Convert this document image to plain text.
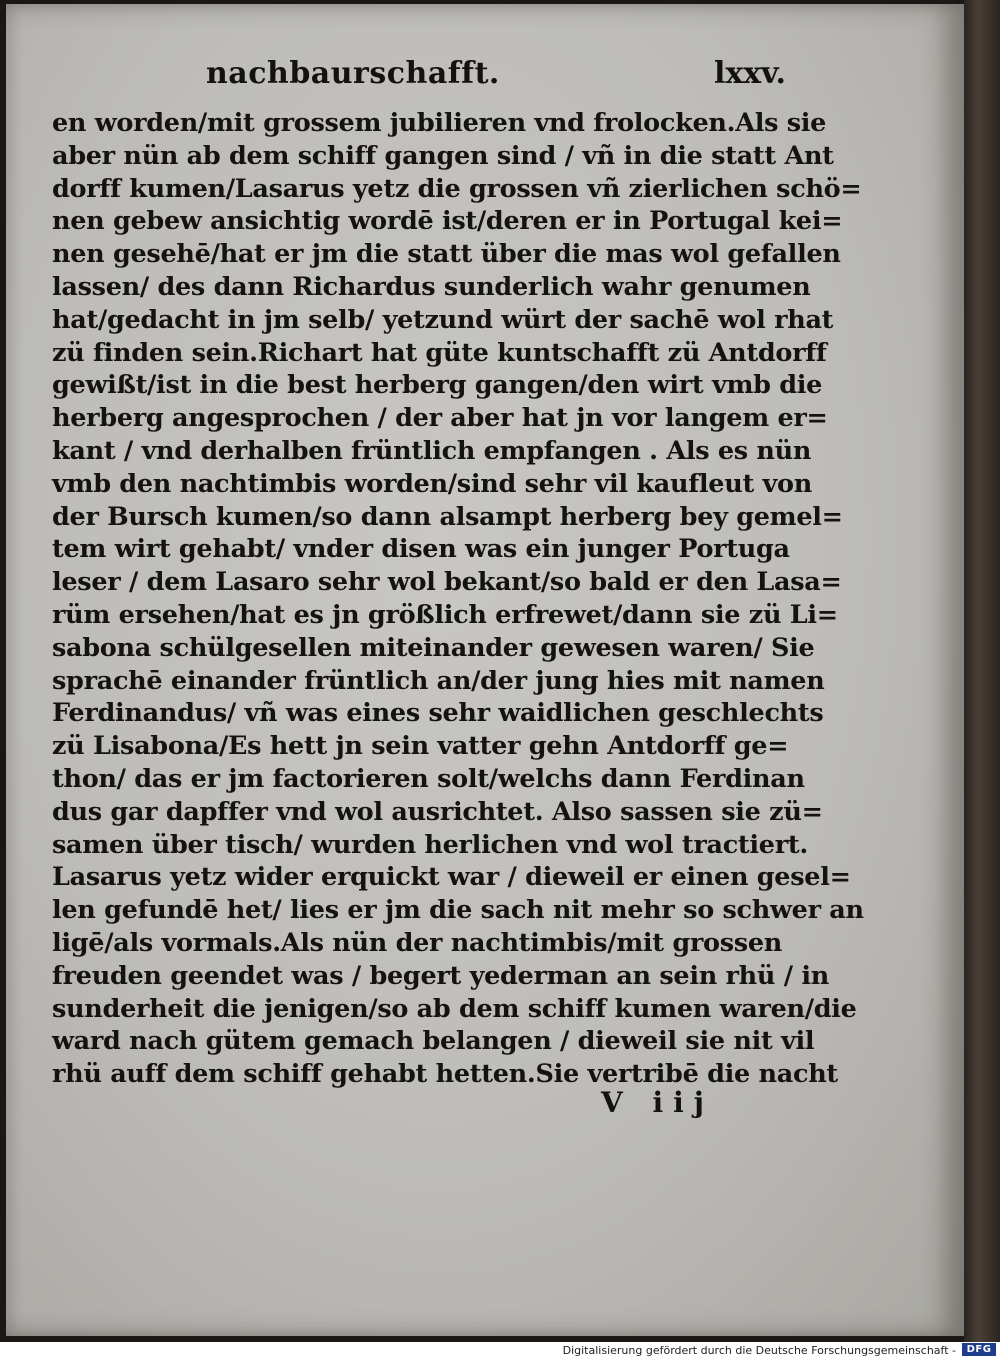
nachbaurschafft.	lxxv.
en worden/mit grossem jubilieren vnd frolocken.Als sie
aber nün ab dem schiff gangen sind / vñ in die statt Ant
dorff kumen/Lasarus yetz die grossen vñ zierlichen schö=
nen gebew ansichtig wordē ist/deren er in Portugal kei=
nen gesehē/hat er jm die statt über die mas wol gefallen
lassen/ des dann Richardus sunderlich wahr genumen
hat/gedacht in jm selb/ yetzund würt der sachē wol rhat
zü finden sein.Richart hat güte kuntschafft zü Antdorff
gewißt/ist in die best herberg gangen/den wirt vmb die
herberg angesprochen / der aber hat jn vor langem er=
kant / vnd derhalben früntlich empfangen . Als es nün
vmb den nachtimbis worden/sind sehr vil kaufleut von
der Bursch kumen/so dann alsampt herberg bey gemel=
tem wirt gehabt/ vnder disen was ein junger Portuga
leser / dem Lasaro sehr wol bekant/so bald er den Lasa=
rüm ersehen/hat es jn größlich erfrewet/dann sie zü Li=
sabona schülgesellen miteinander gewesen waren/ Sie
sprachē einander früntlich an/der jung hies mit namen
Ferdinandus/ vñ was eines sehr waidlichen geschlechts
zü Lisabona/Es hett jn sein vatter gehn Antdorff ge=
thon/ das er jm factorieren solt/welchs dann Ferdinan
dus gar dapffer vnd wol ausrichtet. Also sassen sie zü=
samen über tisch/ wurden herlichen vnd wol tractiert.
Lasarus yetz wider erquickt war / dieweil er einen gesel=
len gefundē het/ lies er jm die sach nit mehr so schwer an
ligē/als vormals.Als nün der nachtimbis/mit grossen
freuden geendet was / begert yederman an sein rhü / in
sunderheit die jenigen/so ab dem schiff kumen waren/die
ward nach gütem gemach belangen / dieweil sie nit vil
rhü auff dem schiff gehabt hetten.Sie vertribē die nacht
V iij
Digitalisierung gefördert durch die Deutsche Forschungsgemeinschaft -	DFG
